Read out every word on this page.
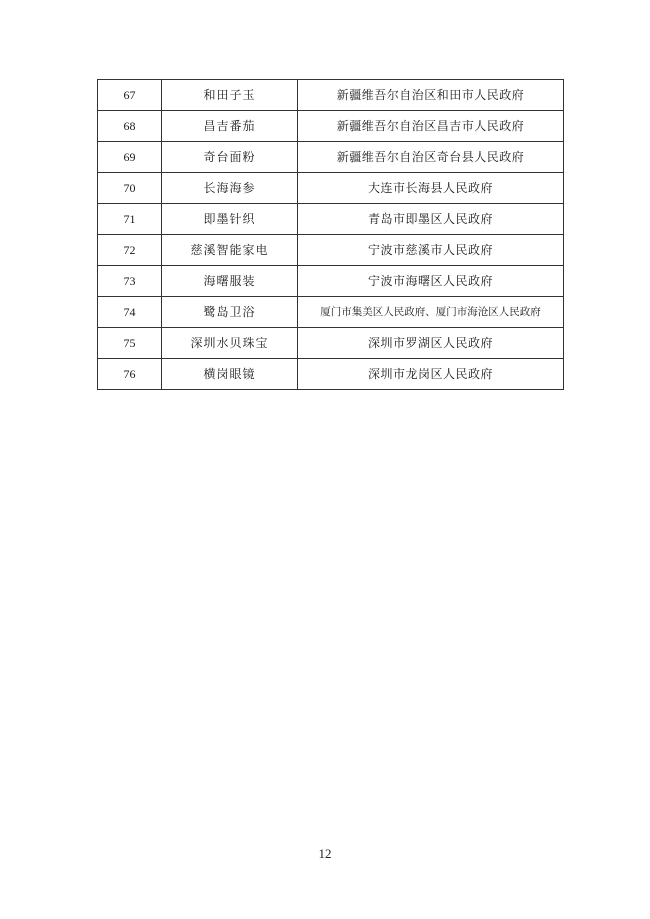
67	和田子玉	新疆维吾尔自治区和田市人民政府
68	昌吉番茄	新疆维吾尔自治区昌吉市人民政府
69	奇台面粉	新疆维吾尔自治区奇台县人民政府
70	长海海参	大连市长海县人民政府
71	即墨针织	青岛市即墨区人民政府
72	慈溪智能家电	宁波市慈溪市人民政府
73	海曙服装	宁波市海曙区人民政府
74	鹭岛卫浴	厦门市集美区人民政府、厦门市海沧区人民政府
75	深圳水贝珠宝	深圳市罗湖区人民政府
76	横岗眼镜	深圳市龙岗区人民政府
12
